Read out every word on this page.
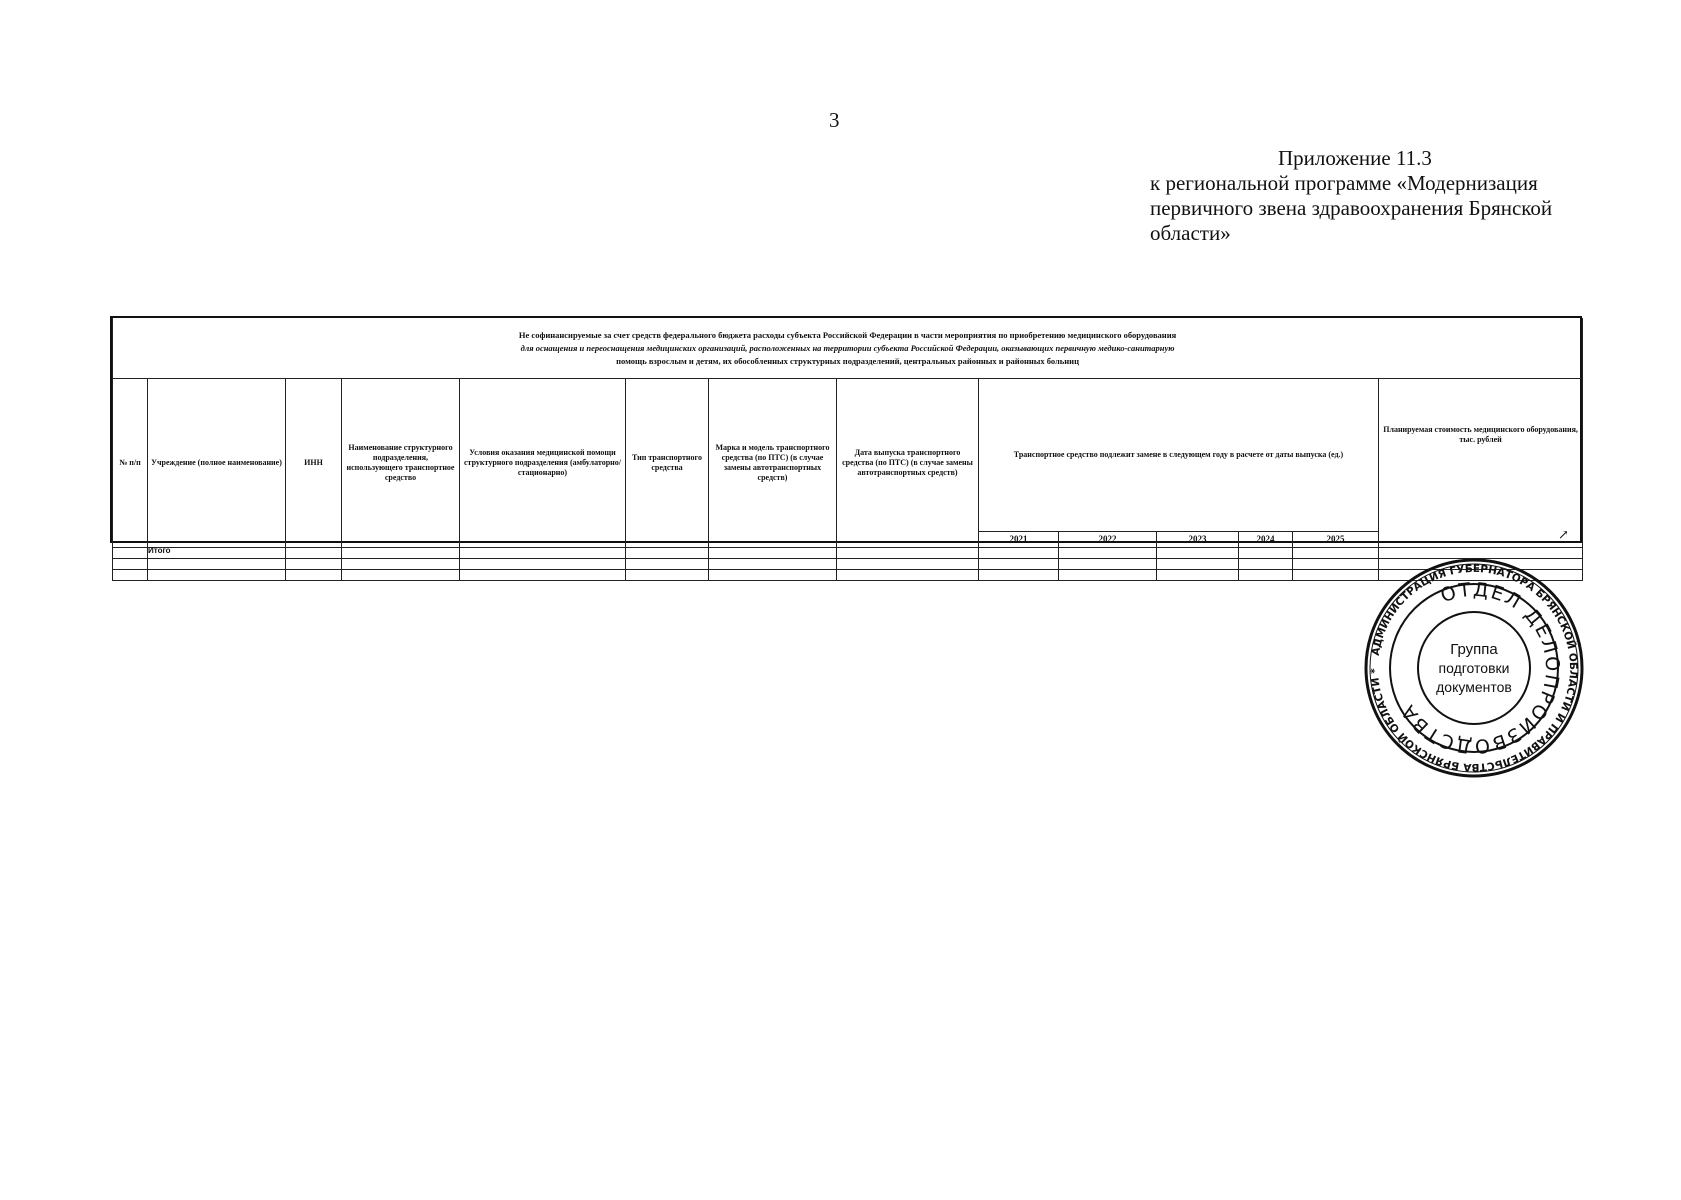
3
Приложение 11.3
к региональной программе «Модернизация
первичного звена здравоохранения Брянской
области»
Не софинансируемые за счет средств федерального бюджета расходы субъекта Российской Федерации в части мероприятия по приобретению медицинского оборудования
для оснащения и переоснащения медицинских организаций, расположенных на территории субъекта Российской Федерации, оказывающих первичную медико-санитарную
помощь взрослым и детям, их обособленных структурных подразделений, центральных районных и районных больниц													

№ п/п	Учреждение (полное наименование)	ИНН	Наименование структурного подразделения, использующего транспортное средство	Условия оказания медицинской помощи структурного подразделения (амбулаторно/стационарно)	Тип транспортного средства	Марка и модель транспортного средства (по ПТС) (в случае замены автотранспортных средств)	Дата выпуска транспортного средства (по ПТС) (в случае замены автотранспортных средств)	Транспортное средство подлежит замене в следующем году в расчете от даты выпуска (ед.)					Планируемая стоимость медицинского оборудования, тыс. рублей
								2021	2022	2023	2024	2025	

														↗
Итого
АДМИНИСТРАЦИЯ ГУБЕРНАТОРА БРЯНСКОЙ ОБЛАСТИ И ПРАВИТЕЛЬСТВА БРЯНСКОЙ ОБЛАСТИ *
ОТДЕЛ ДЕЛОПРОИЗВОДСТВА
Группа
подготовки
документов
